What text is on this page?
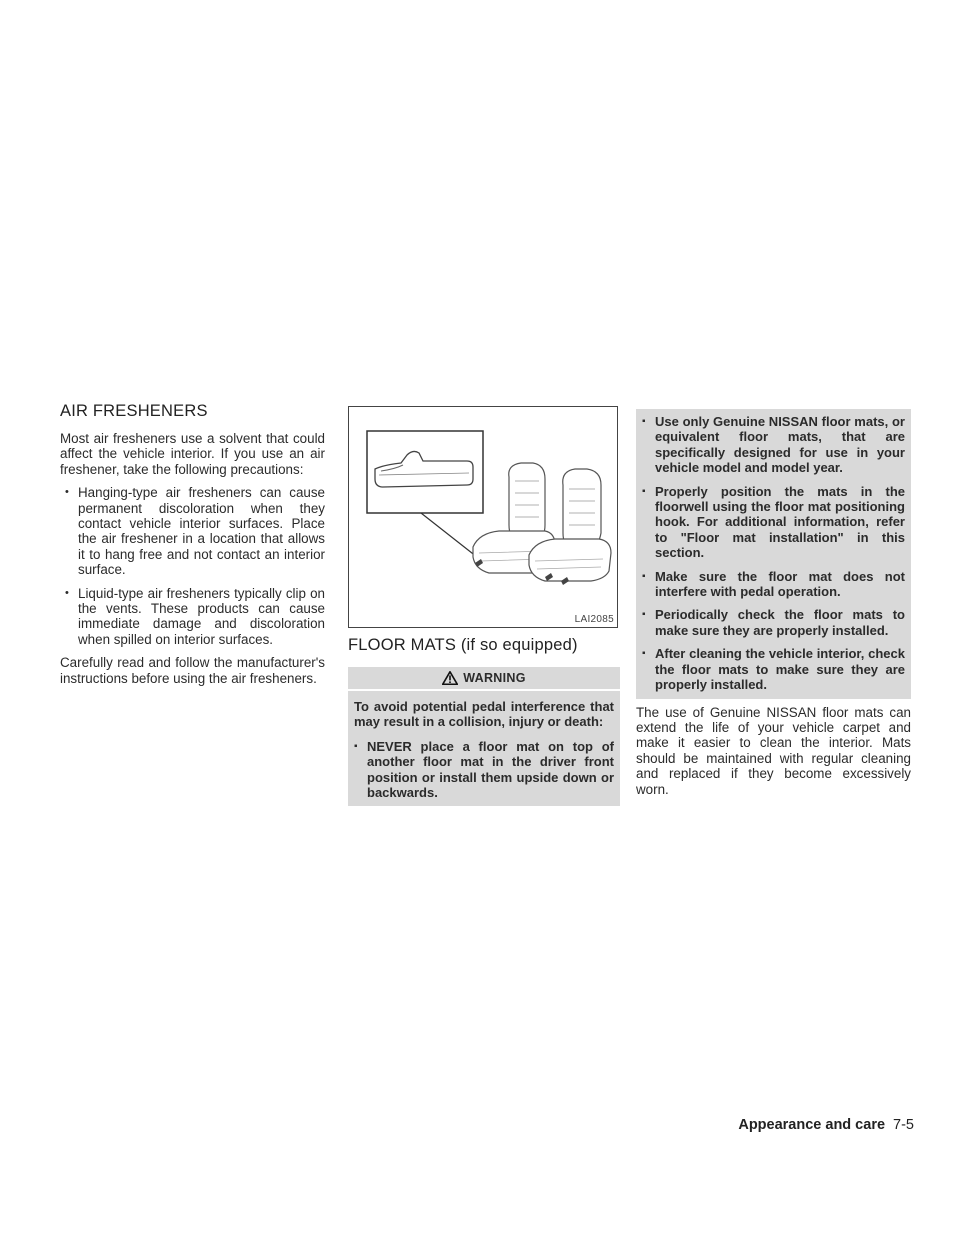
AIR FRESHENERS

Most air fresheners use a solvent that could affect the vehicle interior. If you use an air freshener, take the following precautions:

• Hanging-type air fresheners can cause permanent discoloration when they contact vehicle interior surfaces. Place the air freshener in a location that allows it to hang free and not contact an interior surface.
• Liquid-type air fresheners typically clip on the vents. These products can cause immediate damage and discoloration when spilled on interior surfaces.

Carefully read and follow the manufacturer's instructions before using the air fresheners.

LAI2085
FLOOR MATS (if so equipped)
WARNING

To avoid potential pedal interference that may result in a collision, injury or death:

▪ NEVER place a floor mat on top of another floor mat in the driver front position or install them upside down or backwards.
▪ Use only Genuine NISSAN floor mats, or equivalent floor mats, that are specifically designed for use in your vehicle model and model year.
▪ Properly position the mats in the floorwell using the floor mat positioning hook. For additional information, refer to "Floor mat installation" in this section.
▪ Make sure the floor mat does not interfere with pedal operation.
▪ Periodically check the floor mats to make sure they are properly installed.
▪ After cleaning the vehicle interior, check the floor mats to make sure they are properly installed.

The use of Genuine NISSAN floor mats can extend the life of your vehicle carpet and make it easier to clean the interior. Mats should be maintained with regular cleaning and replaced if they become excessively worn.

Appearance and care 7-5
